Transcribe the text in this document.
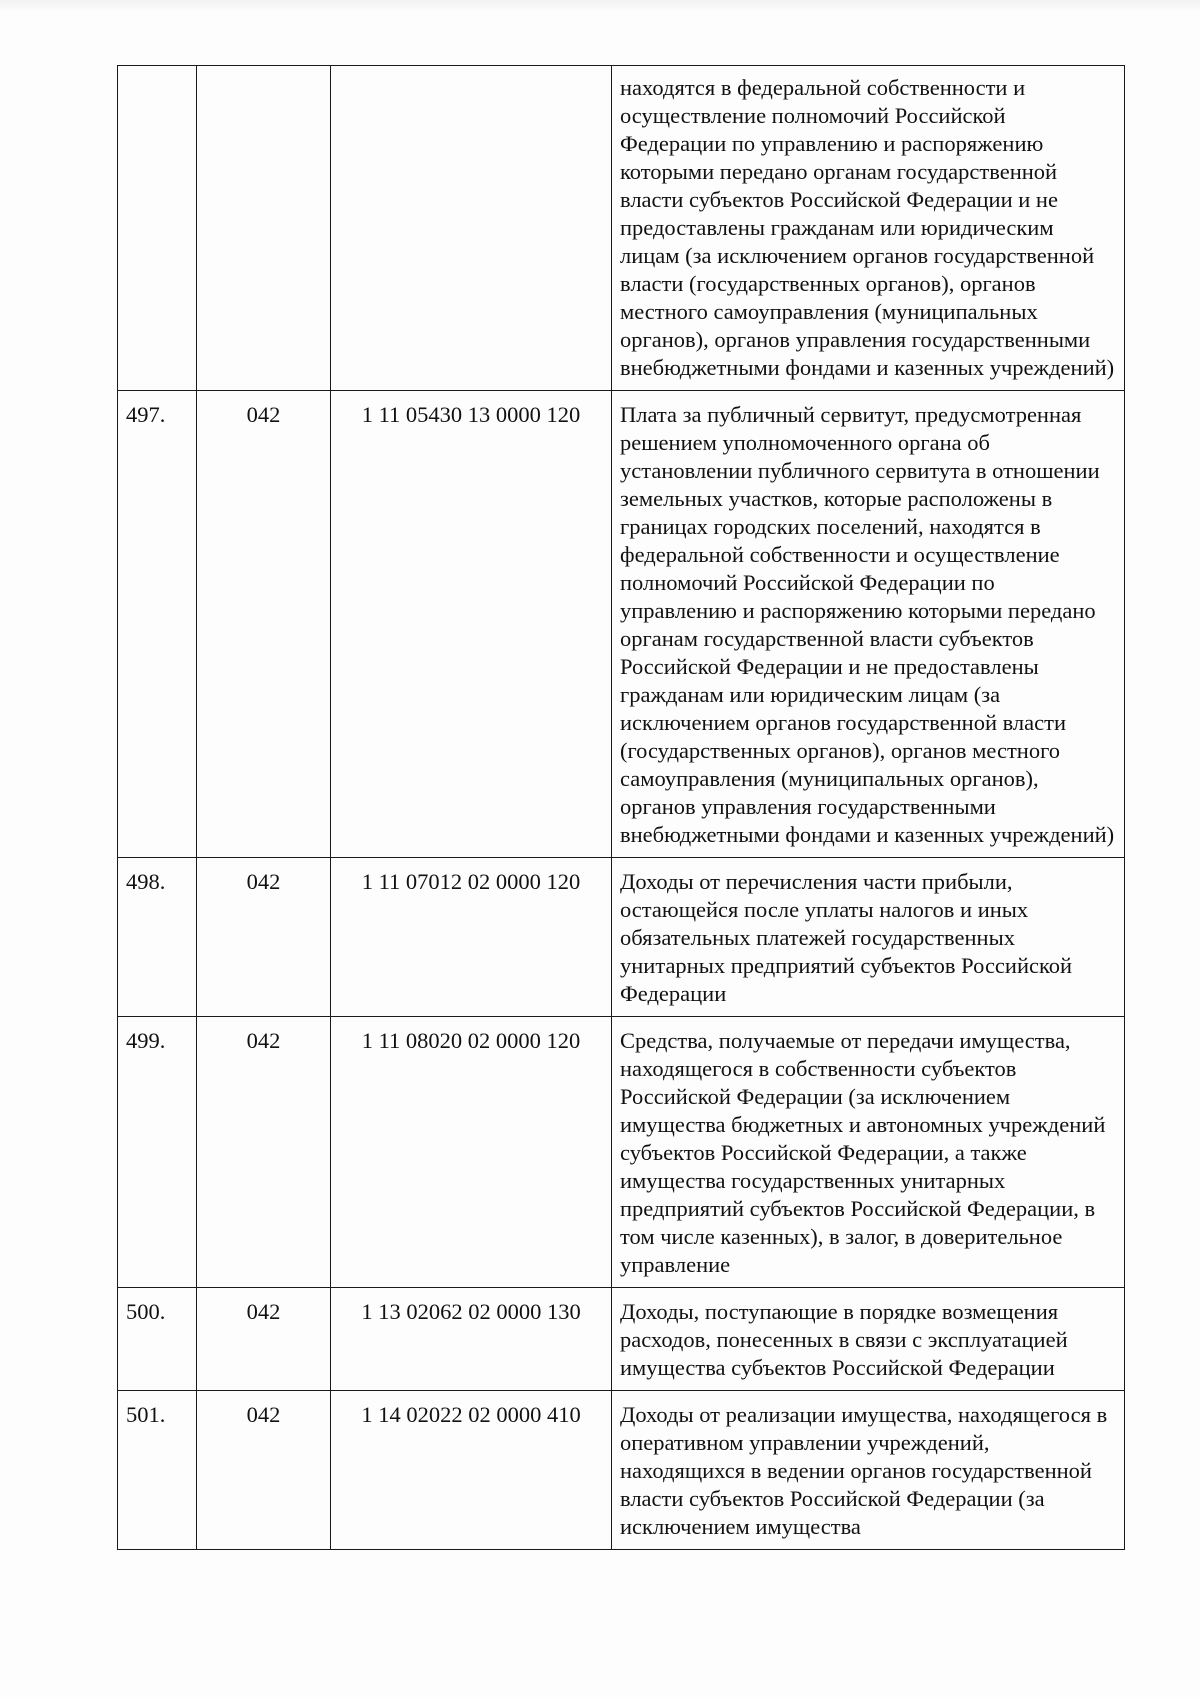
			находятся в федеральной собственности и осуществление полномочий Российской Федерации по управлению и распоряжению которыми передано органам государственной власти субъектов Российской Федерации и не предоставлены гражданам или юридическим лицам (за исключением органов государственной власти (государственных органов), органов местного самоуправления (муниципальных органов), органов управления государственными внебюджетными фондами и казенных учреждений)
497.	042	1 11 05430 13 0000 120	Плата за публичный сервитут, предусмотренная решением уполномоченного органа об установлении публичного сервитута в отношении земельных участков, которые расположены в границах городских поселений, находятся в федеральной собственности и осуществление полномочий Российской Федерации по управлению и распоряжению которыми передано органам государственной власти субъектов Российской Федерации и не предоставлены гражданам или юридическим лицам (за исключением органов государственной власти (государственных органов), органов местного самоуправления (муниципальных органов), органов управления государственными внебюджетными фондами и казенных учреждений)
498.	042	1 11 07012 02 0000 120	Доходы от перечисления части прибыли, остающейся после уплаты налогов и иных обязательных платежей государственных унитарных предприятий субъектов Российской Федерации
499.	042	1 11 08020 02 0000 120	Средства, получаемые от передачи имущества, находящегося в собственности субъектов Российской Федерации (за исключением имущества бюджетных и автономных учреждений субъектов Российской Федерации, а также имущества государственных унитарных предприятий субъектов Российской Федерации, в том числе казенных), в залог, в доверительное управление
500.	042	1 13 02062 02 0000 130	Доходы, поступающие в порядке возмещения расходов, понесенных в связи с эксплуатацией имущества субъектов Российской Федерации
501.	042	1 14 02022 02 0000 410	Доходы от реализации имущества, находящегося в оперативном управлении учреждений, находящихся в ведении органов государственной власти субъектов Российской Федерации (за исключением имущества
